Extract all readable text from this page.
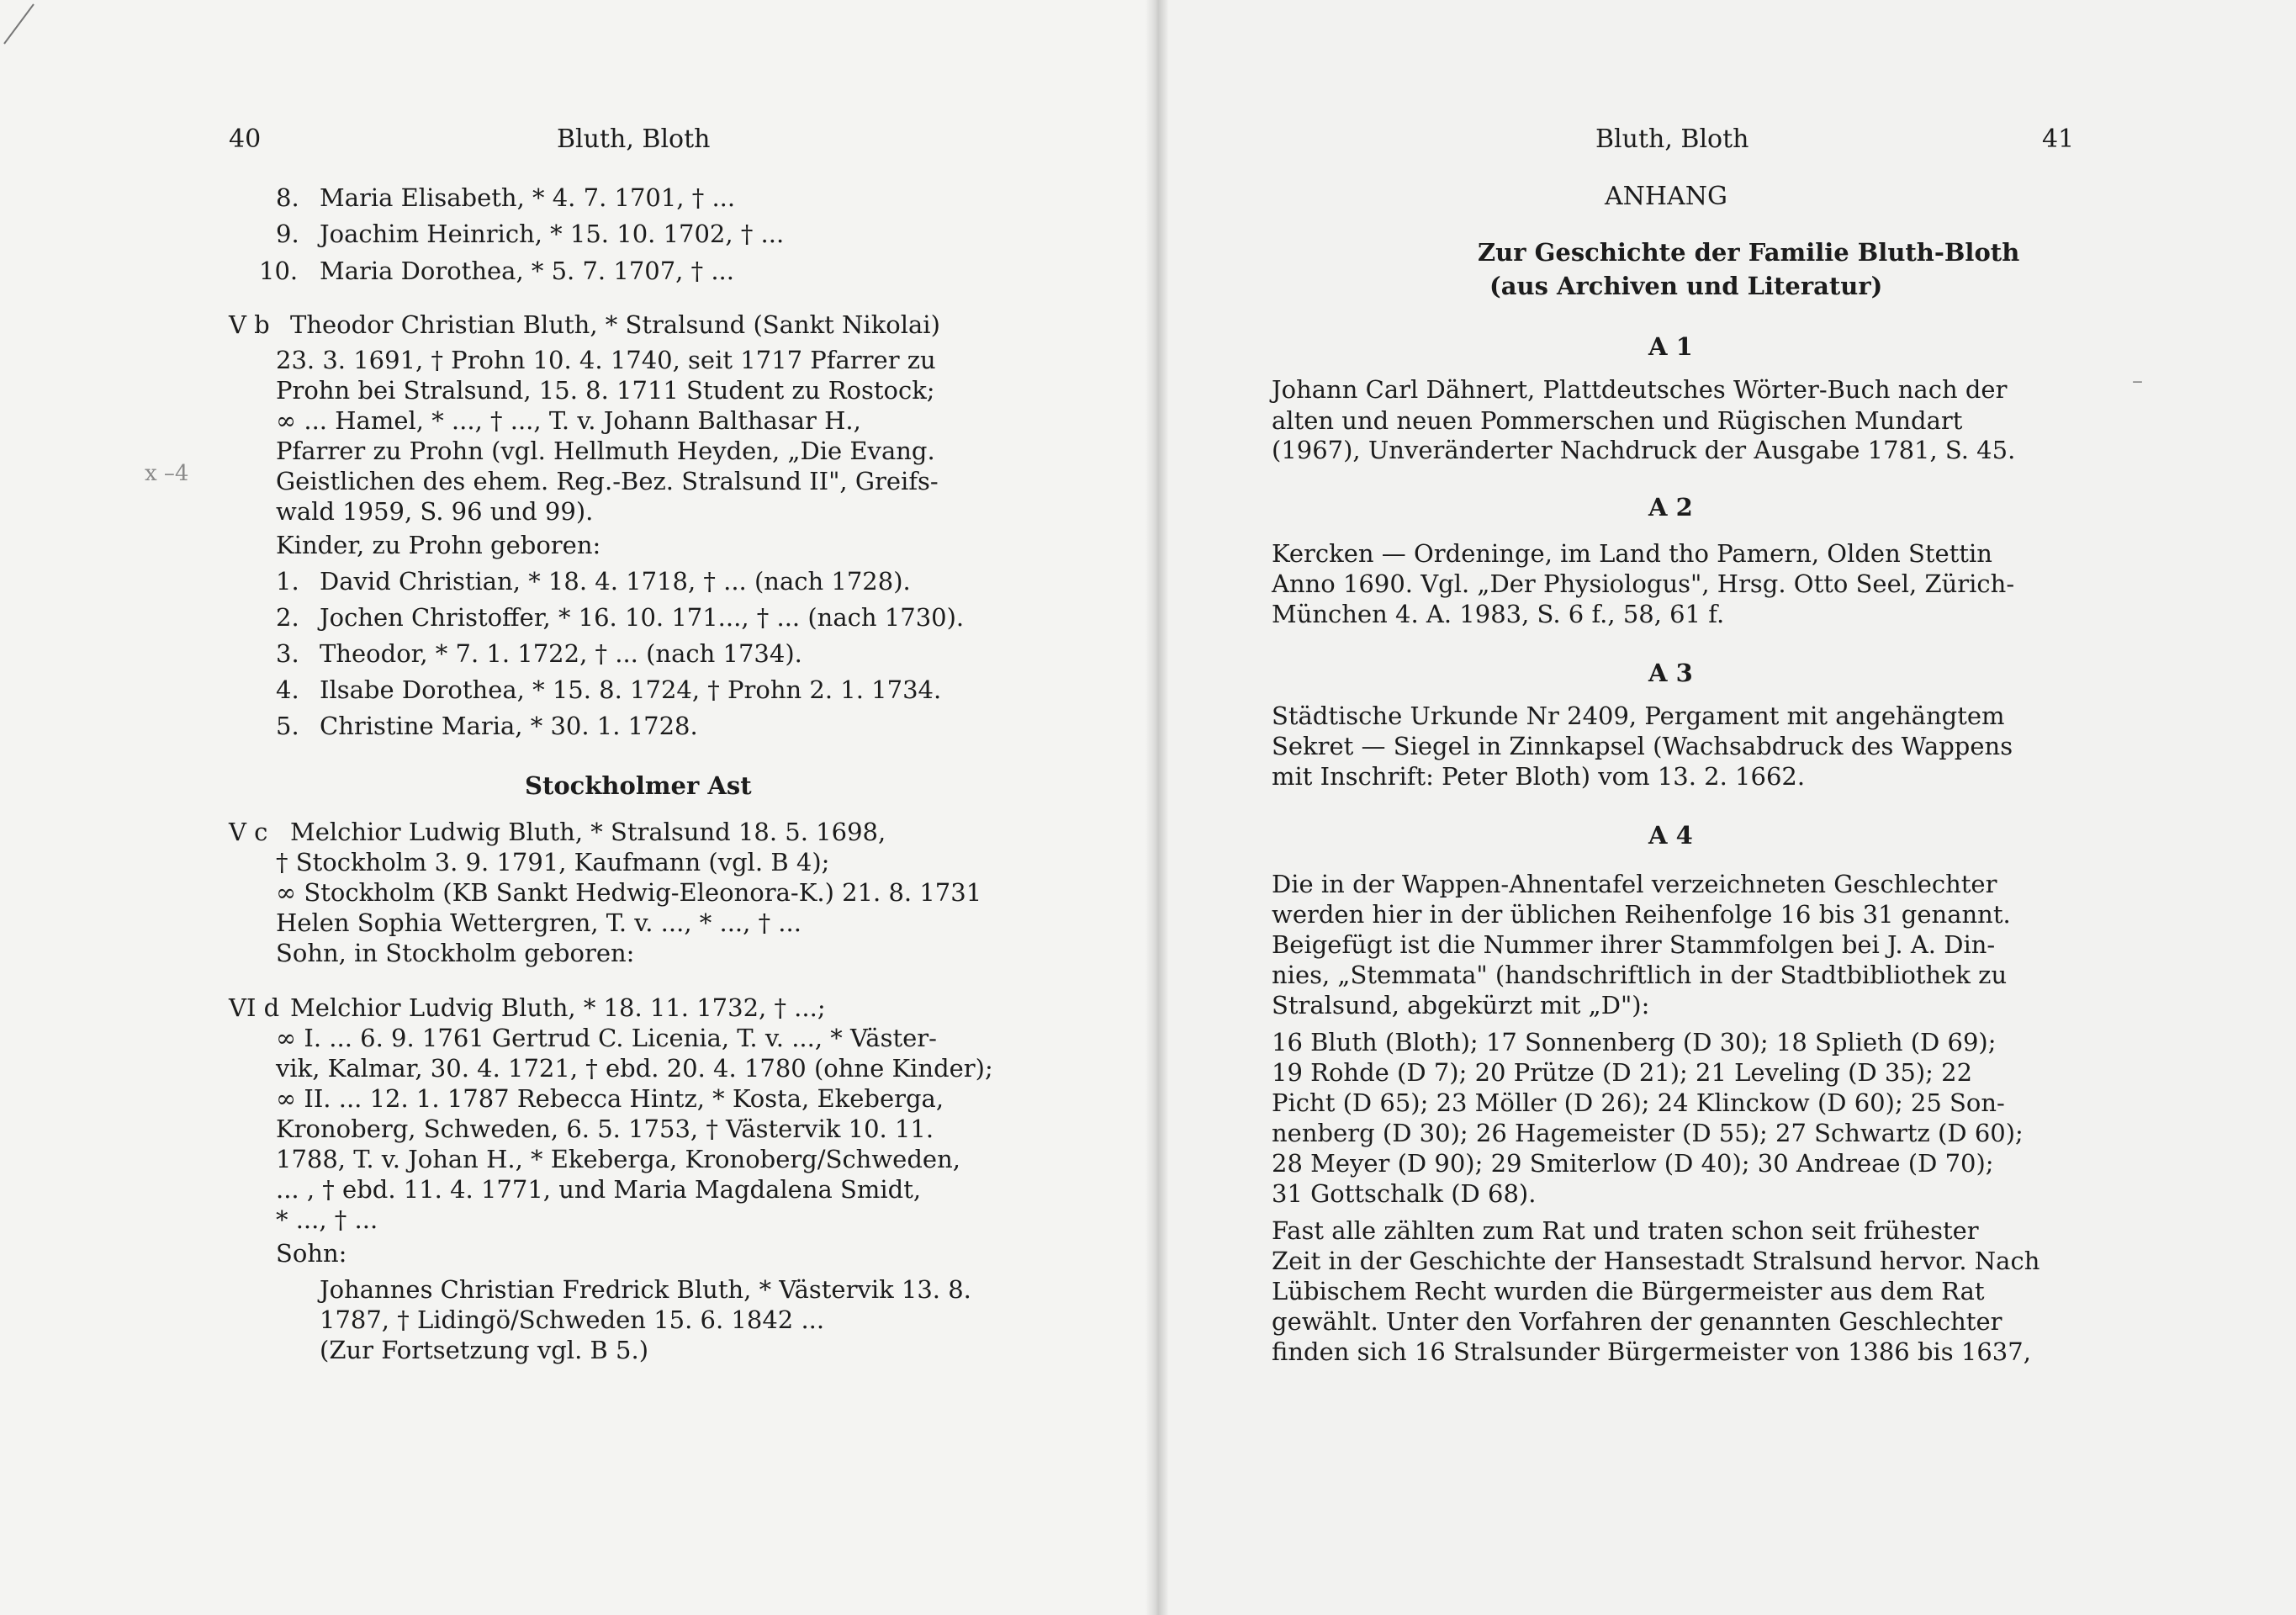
40	Bluth, Bloth
8. Maria Elisabeth, * 4. 7. 1701, † ...
9. Joachim Heinrich, * 15. 10. 1702, † ...
10. Maria Dorothea, * 5. 7. 1707, † ...
V b Theodor Christian Bluth, * Stralsund (Sankt Nikolai)
23. 3. 1691, † Prohn 10. 4. 1740, seit 1717 Pfarrer zu
Prohn bei Stralsund, 15. 8. 1711 Student zu Rostock;
∞ ... Hamel, * ..., † ..., T. v. Johann Balthasar H.,
Pfarrer zu Prohn (vgl. Hellmuth Heyden, „Die Evang.
Geistlichen des ehem. Reg.-Bez. Stralsund II", Greifs-
wald 1959, S. 96 und 99).
Kinder, zu Prohn geboren:
x –4
1. David Christian, * 18. 4. 1718, † ... (nach 1728).
2. Jochen Christoffer, * 16. 10. 171..., † ... (nach 1730).
3. Theodor, * 7. 1. 1722, † ... (nach 1734).
4. Ilsabe Dorothea, * 15. 8. 1724, † Prohn 2. 1. 1734.
5. Christine Maria, * 30. 1. 1728.
Stockholmer Ast
V c Melchior Ludwig Bluth, * Stralsund 18. 5. 1698,
† Stockholm 3. 9. 1791, Kaufmann (vgl. B 4);
∞ Stockholm (KB Sankt Hedwig-Eleonora-K.) 21. 8. 1731
Helen Sophia Wettergren, T. v. ..., * ..., † ...
Sohn, in Stockholm geboren:
VI d Melchior Ludvig Bluth, * 18. 11. 1732, † ...;
∞ I. ... 6. 9. 1761 Gertrud C. Licenia, T. v. ..., * Väster-
vik, Kalmar, 30. 4. 1721, † ebd. 20. 4. 1780 (ohne Kinder);
∞ II. ... 12. 1. 1787 Rebecca Hintz, * Kosta, Ekeberga,
Kronoberg, Schweden, 6. 5. 1753, † Västervik 10. 11.
1788, T. v. Johan H., * Ekeberga, Kronoberg/Schweden,
... , † ebd. 11. 4. 1771, und Maria Magdalena Smidt,
* ..., † ...
Sohn:
Johannes Christian Fredrick Bluth, * Västervik 13. 8.
1787, † Lidingö/Schweden 15. 6. 1842 ...
(Zur Fortsetzung vgl. B 5.)
Bluth, Bloth	41
ANHANG
Zur Geschichte der Familie Bluth-Bloth
(aus Archiven und Literatur)
A 1
Johann Carl Dähnert, Plattdeutsches Wörter-Buch nach der
alten und neuen Pommerschen und Rügischen Mundart
(1967), Unveränderter Nachdruck der Ausgabe 1781, S. 45.
A 2
Kercken — Ordeninge, im Land tho Pamern, Olden Stettin
Anno 1690. Vgl. „Der Physiologus", Hrsg. Otto Seel, Zürich-
München 4. A. 1983, S. 6 f., 58, 61 f.
A 3
Städtische Urkunde Nr 2409, Pergament mit angehängtem
Sekret — Siegel in Zinnkapsel (Wachsabdruck des Wappens
mit Inschrift: Peter Bloth) vom 13. 2. 1662.
A 4
Die in der Wappen-Ahnentafel verzeichneten Geschlechter
werden hier in der üblichen Reihenfolge 16 bis 31 genannt.
Beigefügt ist die Nummer ihrer Stammfolgen bei J. A. Din-
nies, „Stemmata" (handschriftlich in der Stadtbibliothek zu
Stralsund, abgekürzt mit „D"):
16 Bluth (Bloth); 17 Sonnenberg (D 30); 18 Splieth (D 69);
19 Rohde (D 7); 20 Prütze (D 21); 21 Leveling (D 35); 22
Picht (D 65); 23 Möller (D 26); 24 Klinckow (D 60); 25 Son-
nenberg (D 30); 26 Hagemeister (D 55); 27 Schwartz (D 60);
28 Meyer (D 90); 29 Smiterlow (D 40); 30 Andreae (D 70);
31 Gottschalk (D 68).
Fast alle zählten zum Rat und traten schon seit frühester
Zeit in der Geschichte der Hansestadt Stralsund hervor. Nach
Lübischem Recht wurden die Bürgermeister aus dem Rat
gewählt. Unter den Vorfahren der genannten Geschlechter
finden sich 16 Stralsunder Bürgermeister von 1386 bis 1637,
–
